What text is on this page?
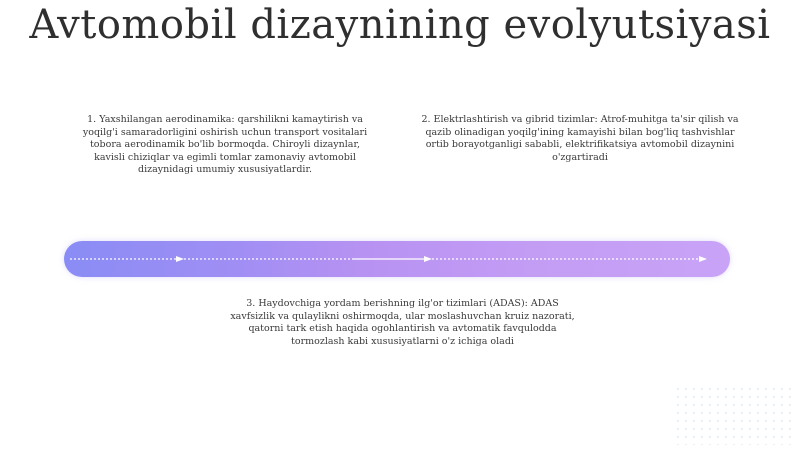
Avtomobil dizaynining evolyutsiyasi
1. Yaxshilangan aerodinamika: qarshilikni kamaytirish va yoqilg'i samaradorligini oshirish uchun transport vositalari tobora aerodinamik bo'lib bormoqda. Chiroyli dizaynlar, kavisli chiziqlar va egimli tomlar zamonaviy avtomobil dizaynidagi umumiy xususiyatlardir.
2. Elektrlashtirish va gibrid tizimlar: Atrof-muhitga ta'sir qilish va qazib olinadigan yoqilg'ining kamayishi bilan bog'liq tashvishlar ortib borayotganligi sababli, elektrifikatsiya avtomobil dizaynini o'zgartiradi
3. Haydovchiga yordam berishning ilg'or tizimlari (ADAS): ADAS xavfsizlik va qulaylikni oshirmoqda, ular moslashuvchan kruiz nazorati, qatorni tark etish haqida ogohlantirish va avtomatik favqulodda tormozlash kabi xususiyatlarni o'z ichiga oladi
